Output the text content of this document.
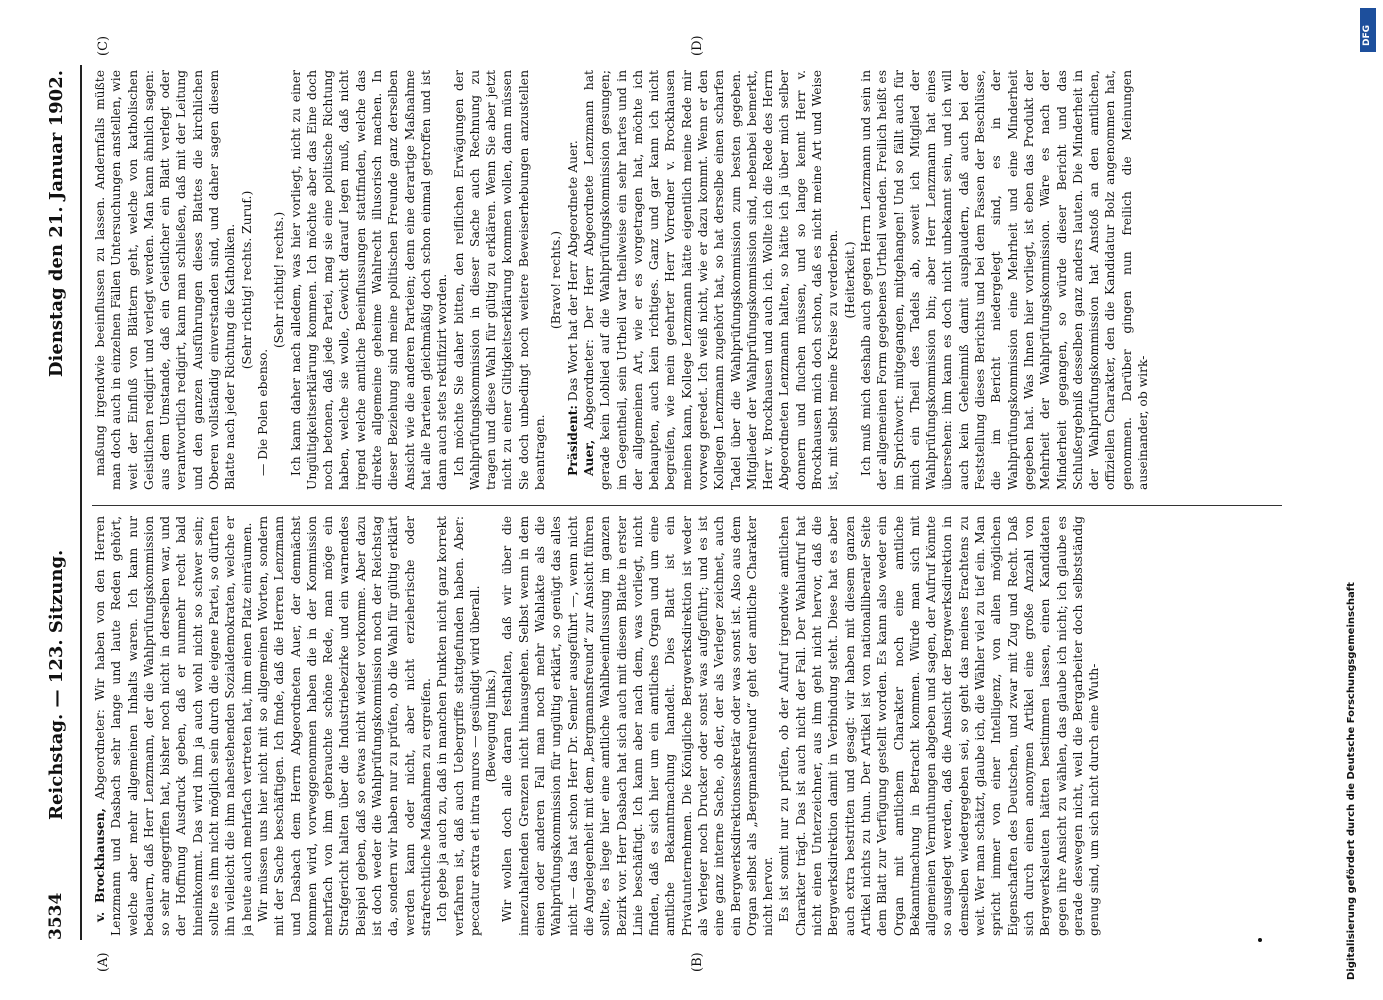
3534
Reichstag. — 123. Sitzung.
Dienstag den 21. Januar 1902.
(A)	(B)
(C)	(D)

v. Brockhausen, Abgeordneter: Wir haben von den Herren Lenzmann und Dasbach sehr lange und laute Reden gehört, welche aber mehr allgemeinen Inhalts waren. Ich kann nur bedauern, daß Herr Lenzmann, der die Wahlprüfungskommission so sehr angegriffen hat, bisher noch nicht in derselben war, und der Hoffnung Ausdruck geben, daß er nunmehr recht bald hineinkommt. Das wird ihm ja auch wohl nicht so schwer sein; sollte es ihm nicht möglich sein durch die eigene Partei, so dürften ihn vielleicht die ihm nahestehenden Sozialdemokraten, welche er ja heute auch mehrfach vertreten hat, ihm einen Platz einräumen. Wir müssen uns hier nicht mit so allgemeinen Worten, sondern mit der Sache beschäftigen. Ich finde, daß die Herren Lenzmann und Dasbach dem Herrn Abgeordneten Auer, der demnächst kommen wird, vorweggenommen haben die in der Kommission mehrfach von ihm gebrauchte schöne Rede, man möge ein Strafgericht halten über die Industriebezirke und ein warnendes Beispiel geben, daß so etwas nicht wieder vorkomme. Aber dazu ist doch weder die Wahlprüfungskommission noch der Reichstag da, sondern wir haben nur zu prüfen, ob die Wahl für gültig erklärt werden kann oder nicht, aber nicht erzieherische oder strafrechtliche Maßnahmen zu ergreifen. Ich gebe ja auch zu, daß in manchen Punkten nicht ganz korrekt verfahren ist, daß auch Uebergriffe stattgefunden haben. Aber: peccatur extra et intra muros — gesündigt wird überall. (Bewegung links.) Wir wollen doch alle daran festhalten, daß wir über die innezuhaltenden Grenzen nicht hinausgehen. Selbst wenn in dem einen oder anderen Fall man noch mehr Wahlakte als die Wahlprüfungskommission für ungültig erklärt, so genügt das alles nicht — das hat schon Herr Dr. Semler ausgeführt —, wenn nicht die Angelegenheit mit dem „Bergmannsfreund“ zur Ansicht führen sollte, es liege hier eine amtliche Wahlbeeinflussung im ganzen Bezirk vor. Herr Dasbach hat sich auch mit diesem Blatte in erster Linie beschäftigt. Ich kann aber nach dem, was vorliegt, nicht finden, daß es sich hier um ein amtliches Organ und um eine amtliche Bekanntmachung handelt. Dies Blatt ist ein Privatunternehmen. Die Königliche Bergwerksdirektion ist weder als Verleger noch Drucker oder sonst was aufgeführt; und es ist eine ganz interne Sache, ob der, der als Verleger zeichnet, auch ein Bergwerksdirektionssekretär oder was sonst ist. Also aus dem Organ selbst als „Bergmannsfreund“ geht der amtliche Charakter nicht hervor. Es ist somit nur zu prüfen, ob der Aufruf irgendwie amtlichen Charakter trägt. Das ist auch nicht der Fall. Der Wahlaufruf hat nicht einen Unterzeichner, aus ihm geht nicht hervor, daß die Bergwerksdirektion damit in Verbindung steht. Diese hat es aber auch extra bestritten und gesagt: wir haben mit diesem ganzen Artikel nichts zu thun. Der Artikel ist von nationalliberaler Seite dem Blatt zur Verfügung gestellt worden. Es kann also weder ein Organ mit amtlichem Charakter noch eine amtliche Bekanntmachung in Betracht kommen. Würde man sich mit allgemeinen Vermuthungen abgeben und sagen, der Aufruf könnte so ausgelegt werden, daß die Ansicht der Bergwerksdirektion in demselben wiedergegeben sei, so geht das meines Erachtens zu weit. Wer man schätzt, glaube ich, die Wähler viel zu tief ein. Man spricht immer von einer Intelligenz, von allen möglichen Eigenschaften des Deutschen, und zwar mit Zug und Recht. Daß sich durch einen anonymen Artikel eine große Anzahl von Bergwerksleuten hätten bestimmen lassen, einen Kandidaten gegen ihre Ansicht zu wählen, das glaube ich nicht; ich glaube es gerade deswegen nicht, weil die Bergarbeiter doch selbstständig genug sind, um sich nicht durch eine Wuth-

maßung irgendwie beeinflussen zu lassen. Andernfalls müßte man doch auch in einzelnen Fällen Untersuchungen anstellen, wie weit der Einfluß von Blättern geht, welche von katholischen Geistlichen redigirt und verlegt werden. Man kann ähnlich sagen: aus dem Umstande, daß ein Geistlicher ein Blatt verlegt oder verantwortlich redigirt, kann man schließen, daß mit der Leitung und den ganzen Ausführungen dieses Blattes die kirchlichen Oberen vollständig einverstanden sind, und daher sagen diesem Blatte nach jeder Richtung die Katholiken. (Sehr richtig! rechts. Zuruf.)

— Die Polen ebenso.

(Sehr richtig! rechts.) Ich kann daher nach alledem, was hier vorliegt, nicht zu einer Ungültigkeitserklärung kommen. Ich möchte aber das Eine doch noch betonen, daß jede Partei, mag sie eine politische Richtung haben, welche sie wolle, Gewicht darauf legen muß, daß nicht irgend welche amtliche Beeinflussungen stattfinden, welche das direkte allgemeine geheime Wahlrecht illusorisch machen. In dieser Beziehung sind meine politischen Freunde ganz derselben Ansicht wie die anderen Parteien; denn eine derartige Maßnahme hat alle Parteien gleichmäßig doch schon einmal getroffen und ist dann auch stets rektifizirt worden. Ich möchte Sie daher bitten, den reiflichen Erwägungen der Wahlprüfungskommission in dieser Sache auch Rechnung zu tragen und diese Wahl für gültig zu erklären. Wenn Sie aber jetzt nicht zu einer Giltigkeitserklärung kommen wollen, dann müssen Sie doch unbedingt noch weitere Beweiserhebungen anzustellen beantragen.

(Bravo! rechts.)

Präsident: Das Wort hat der Herr Abgeordnete Auer.

Auer, Abgeordneter: Der Herr Abgeordnete Lenzmann hat gerade kein Loblied auf die Wahlprüfungskommission gesungen; im Gegentheil, sein Urtheil war theilweise ein sehr hartes und in der allgemeinen Art, wie er es vorgetragen hat, möchte ich behaupten, auch kein richtiges. Ganz und gar kann ich nicht begreifen, wie mein geehrter Herr Vorredner v. Brockhausen meinen kann, Kollege Lenzmann hätte eigentlich meine Rede mir vorweg geredet. Ich weiß nicht, wie er dazu kommt. Wenn er den Kollegen Lenzmann zugehört hat, so hat derselbe einen scharfen Tadel über die Wahlprüfungskommission zum besten gegeben. Mitglieder der Wahlprüfungskommission sind, nebenbei bemerkt, Herr v. Brockhausen und auch ich. Wollte ich die Rede des Herrn Abgeordneten Lenzmann halten, so hätte ich ja über mich selber donnern und fluchen müssen, und so lange kennt Herr v. Brockhausen mich doch schon, daß es nicht meine Art und Weise ist, mit selbst meine Kreise zu verderben. (Heiterkeit.) Ich muß mich deshalb auch gegen Herrn Lenzmann und sein in der allgemeinen Form gegebenes Urtheil wenden. Freilich heißt es im Sprichwort: mitgegangen, mitgehangen! Und so fällt auch für mich ein Theil des Tadels ab, soweit ich Mitglied der Wahlprüfungskommission bin; aber Herr Lenzmann hat eines übersehen: ihm kann es doch nicht unbekannt sein, und ich will auch kein Geheimniß damit ausplaudern, daß auch bei der Feststellung dieses Berichts und bei dem Fassen der Beschlüsse, die im Bericht niedergelegt sind, es in der Wahlprüfungskommission eine Mehrheit und eine Minderheit gegeben hat. Was Ihnen hier vorliegt, ist eben das Produkt der Mehrheit der Wahlprüfungskommission. Wäre es nach der Minderheit gegangen, so würde dieser Bericht und das Schlußergebniß desselben ganz anders lauten. Die Minderheit in der Wahlprüfungskommission hat Anstoß an den amtlichen, offiziellen Charakter, den die Kandidatur Bolz angenommen hat, genommen. Darüber gingen nun freilich die Meinungen auseinander, ob wirk-

DFG
Digitalisierung gefördert durch die Deutsche Forschungsgemeinschaft
